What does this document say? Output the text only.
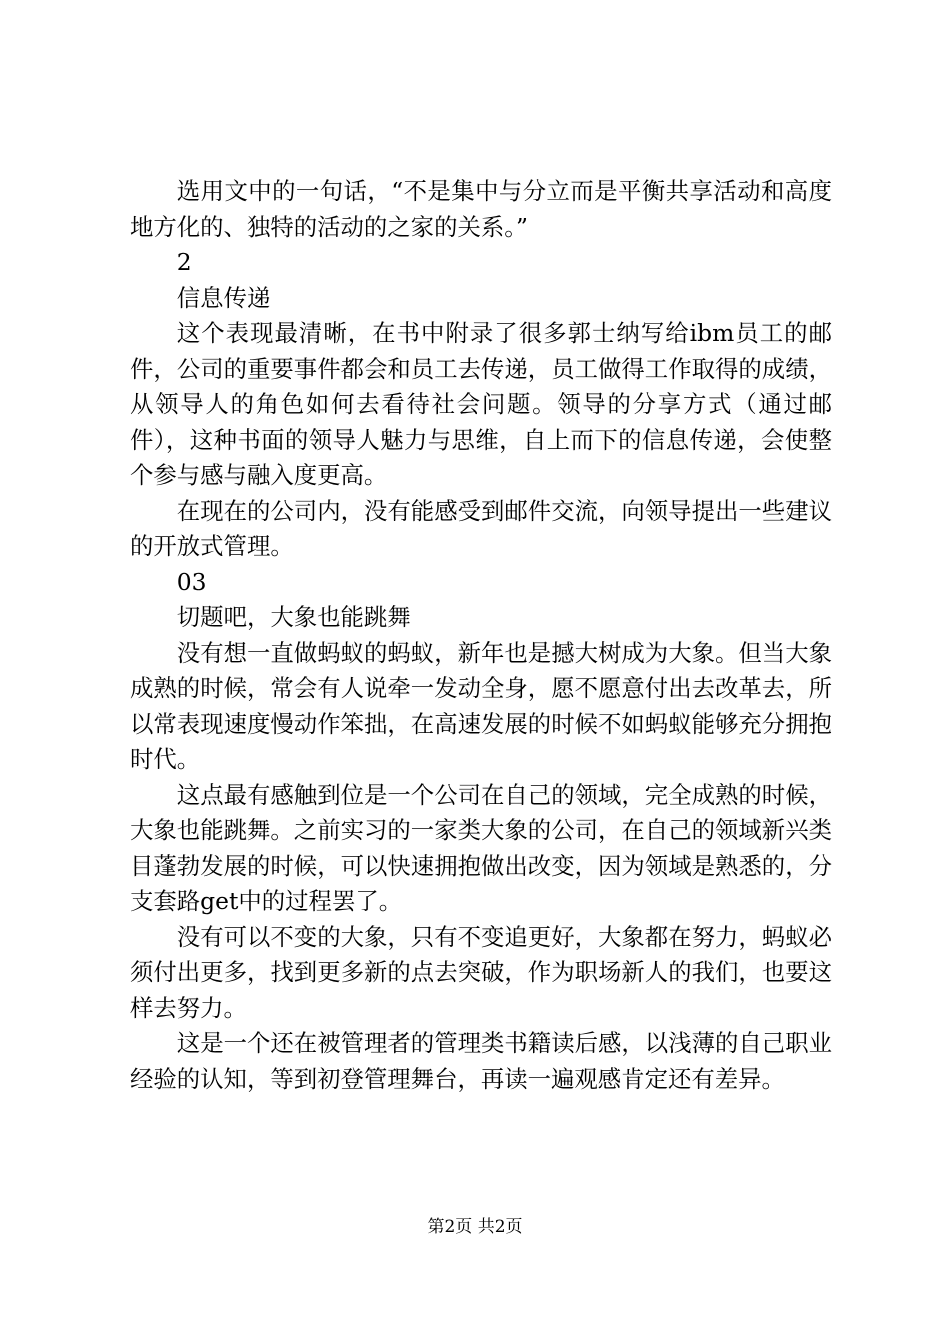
选用文中的一句话，“不是集中与分立而是平衡共享活动和高度地方化的、独特的活动的之家的关系。”

2

信息传递

这个表现最清晰，在书中附录了很多郭士纳写给ibm员工的邮件，公司的重要事件都会和员工去传递，员工做得工作取得的成绩，从领导人的角色如何去看待社会问题。领导的分享方式（通过邮件），这种书面的领导人魅力与思维，自上而下的信息传递，会使整个参与感与融入度更高。

在现在的公司内，没有能感受到邮件交流，向领导提出一些建议的开放式管理。

03

切题吧，大象也能跳舞

没有想一直做蚂蚁的蚂蚁，新年也是撼大树成为大象。但当大象成熟的时候，常会有人说牵一发动全身，愿不愿意付出去改革去，所以常表现速度慢动作笨拙，在高速发展的时候不如蚂蚁能够充分拥抱时代。

这点最有感触到位是一个公司在自己的领域，完全成熟的时候，大象也能跳舞。之前实习的一家类大象的公司，在自己的领域新兴类目蓬勃发展的时候，可以快速拥抱做出改变，因为领域是熟悉的，分支套路get中的过程罢了。

没有可以不变的大象，只有不变追更好，大象都在努力，蚂蚁必须付出更多，找到更多新的点去突破，作为职场新人的我们，也要这样去努力。

这是一个还在被管理者的管理类书籍读后感，以浅薄的自己职业经验的认知，等到初登管理舞台，再读一遍观感肯定还有差异。

第2页 共2页
